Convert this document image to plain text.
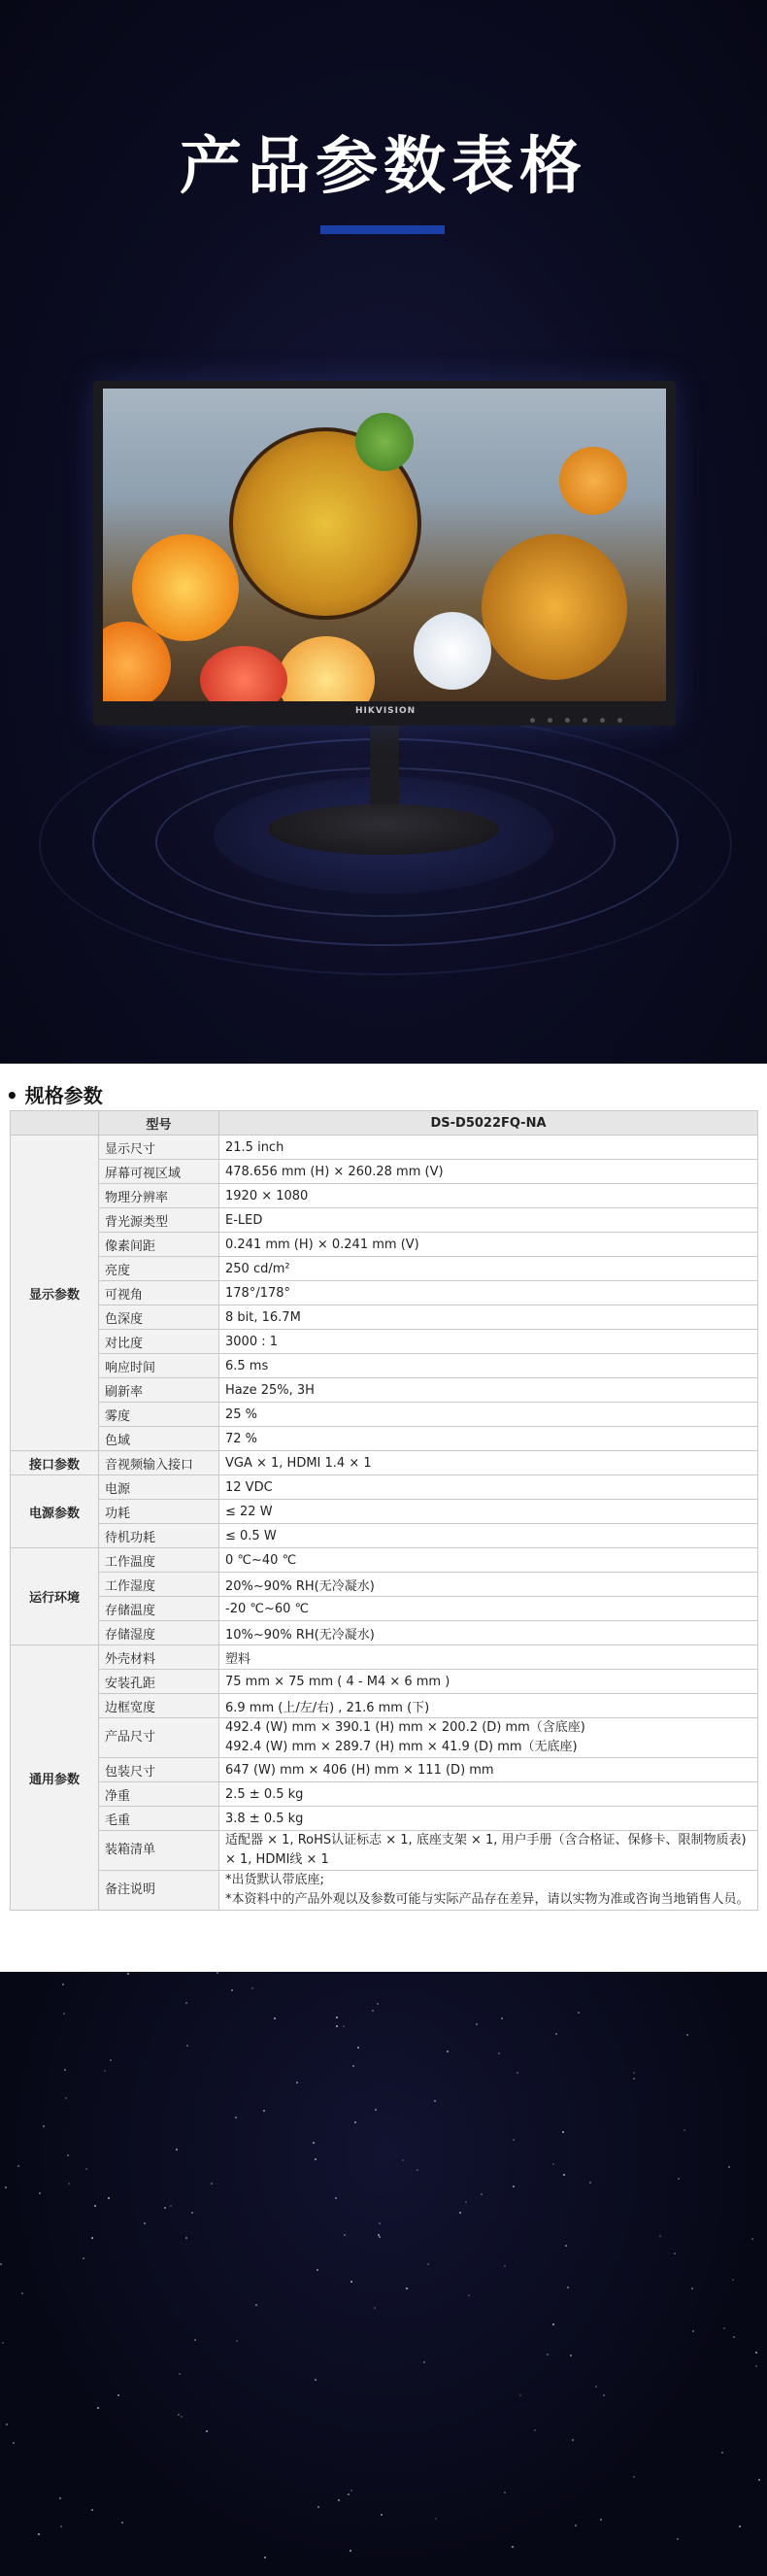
产品参数表格
HIKVISION
• 规格参数
	型号	DS-D5022FQ-NA
显示参数	显示尺寸	21.5 inch
	屏幕可视区域	478.656 mm (H) × 260.28 mm (V)
	物理分辨率	1920 × 1080
	背光源类型	E-LED
	像素间距	0.241 mm (H) × 0.241 mm (V)
	亮度	250 cd/m²
	可视角	178°/178°
	色深度	8 bit, 16.7M
	对比度	3000 : 1
	响应时间	6.5 ms
	刷新率	Haze 25%, 3H
	雾度	25 %
	色域	72 %
接口参数	音视频输入接口	VGA × 1, HDMI 1.4 × 1
电源参数	电源	12 VDC
	功耗	≤ 22 W
	待机功耗	≤ 0.5 W
运行环境	工作温度	0 ℃~40 ℃
	工作湿度	20%~90% RH(无冷凝水)
	存储温度	-20 ℃~60 ℃
	存储湿度	10%~90% RH(无冷凝水)
通用参数	外壳材料	塑料
	安装孔距	75 mm × 75 mm ( 4 - M4 × 6 mm )
	边框宽度	6.9 mm (上/左/右) , 21.6 mm (下)
	产品尺寸	492.4 (W) mm × 390.1 (H) mm × 200.2 (D) mm（含底座)
492.4 (W) mm × 289.7 (H) mm × 41.9 (D) mm（无底座)
	包装尺寸	647 (W) mm × 406 (H) mm × 111 (D) mm
	净重	2.5 ± 0.5 kg
	毛重	3.8 ± 0.5 kg
	装箱清单	适配器 × 1, RoHS认证标志 × 1, 底座支架 × 1, 用户手册（含合格证、保修卡、限制物质表) × 1, HDMI线 × 1
	备注说明	*出货默认带底座;
*本资料中的产品外观以及参数可能与实际产品存在差异，请以实物为准或咨询当地销售人员。
